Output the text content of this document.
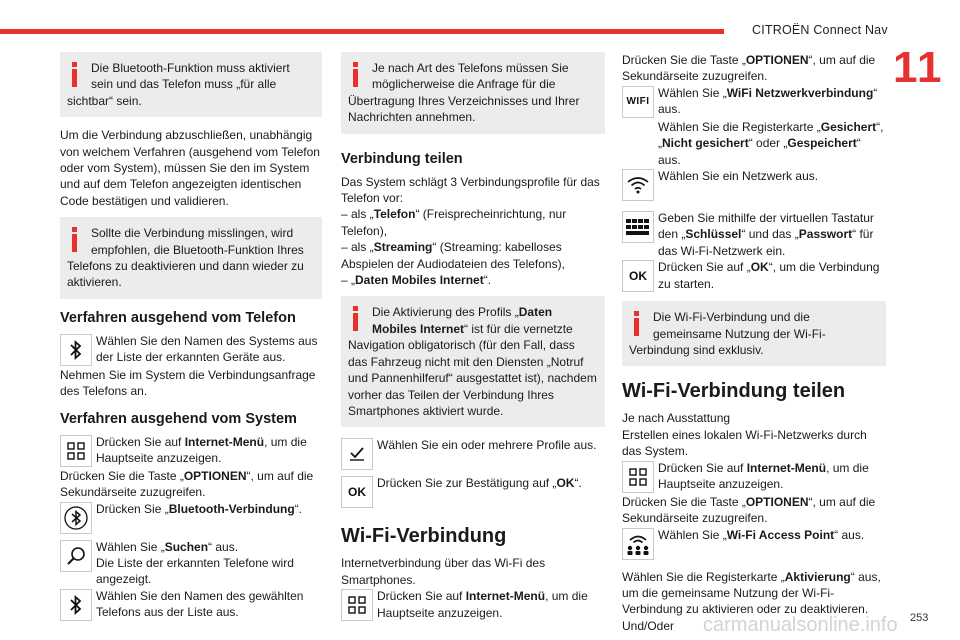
CITROËN Connect Nav
11
Die Bluetooth-Funktion muss aktiviert sein und das Telefon muss „für alle sichtbar“ sein.

Um die Verbindung abzuschließen, unabhängig von welchem Verfahren (ausgehend vom Telefon oder vom System), müssen Sie den im System und auf dem Telefon angezeigten identischen Code bestätigen und validieren.

Sollte die Verbindung misslingen, wird empfohlen, die Bluetooth-Funktion Ihres Telefons zu deaktivieren und dann wieder zu aktivieren.
Verfahren ausgehend vom Telefon
Wählen Sie den Namen des Systems aus der Liste der erkannten Geräte aus.

Nehmen Sie im System die Verbindungsanfrage des Telefons an.

Verfahren ausgehend vom System
Drücken Sie auf Internet-Menü, um die Hauptseite anzuzeigen.

Drücken Sie die Taste „OPTIONEN“, um auf die Sekundärseite zuzugreifen.

Drücken Sie „Bluetooth-Verbindung“.
Wählen Sie „Suchen“ aus.
Die Liste der erkannten Telefone wird angezeigt.
Wählen Sie den Namen des gewählten Telefons aus der Liste aus.
Je nach Art des Telefons müssen Sie möglicherweise die Anfrage für die Übertragung Ihres Verzeichnisses und Ihrer Nachrichten annehmen.
Verbindung teilen

Das System schlägt 3 Verbindungsprofile für das Telefon vor:

– als „Telefon“ (Freisprecheinrichtung, nur Telefon),

– als „Streaming“ (Streaming: kabelloses Abspielen der Audiodateien des Telefons),

– „Daten Mobiles Internet“.

Die Aktivierung des Profils „Daten Mobiles Internet“ ist für die vernetzte Navigation obligatorisch (für den Fall, dass das Fahrzeug nicht mit den Diensten „Notruf und Pannenhilferuf“ ausgestattet ist), nachdem vorher das Teilen der Verbindung Ihres Smartphones aktiviert wurde.
Wählen Sie ein oder mehrere Profile aus.
OK
Drücken Sie zur Bestätigung auf „OK“.
Wi-Fi-Verbindung

Internetverbindung über das Wi-Fi des Smartphones.

Drücken Sie auf Internet-Menü, um die Hauptseite anzuzeigen.

Drücken Sie die Taste „OPTIONEN“, um auf die Sekundärseite zuzugreifen.

WIFI
Wählen Sie „WiFi Netzwerkverbindung“ aus.
Wählen Sie die Registerkarte „Gesichert“, „Nicht gesichert“ oder „Gespeichert“ aus.
Wählen Sie ein Netzwerk aus.
Geben Sie mithilfe der virtuellen Tastatur den „Schlüssel“ und das „Passwort“ für das Wi-Fi-Netzwerk ein.
OK
Drücken Sie auf „OK“, um die Verbindung zu starten.
Die Wi-Fi-Verbindung und die gemeinsame Nutzung der Wi-Fi-Verbindung sind exklusiv.
Wi-Fi-Verbindung teilen

Je nach Ausstattung

Erstellen eines lokalen Wi-Fi-Netzwerks durch das System.

Drücken Sie auf Internet-Menü, um die Hauptseite anzuzeigen.

Drücken Sie die Taste „OPTIONEN“, um auf die Sekundärseite zuzugreifen.

Wählen Sie „Wi-Fi Access Point“ aus.

Wählen Sie die Registerkarte „Aktivierung“ aus, um die gemeinsame Nutzung der Wi-Fi-Verbindung zu aktivieren oder zu deaktivieren.

Und/Oder	carmanualsonline.info 253
